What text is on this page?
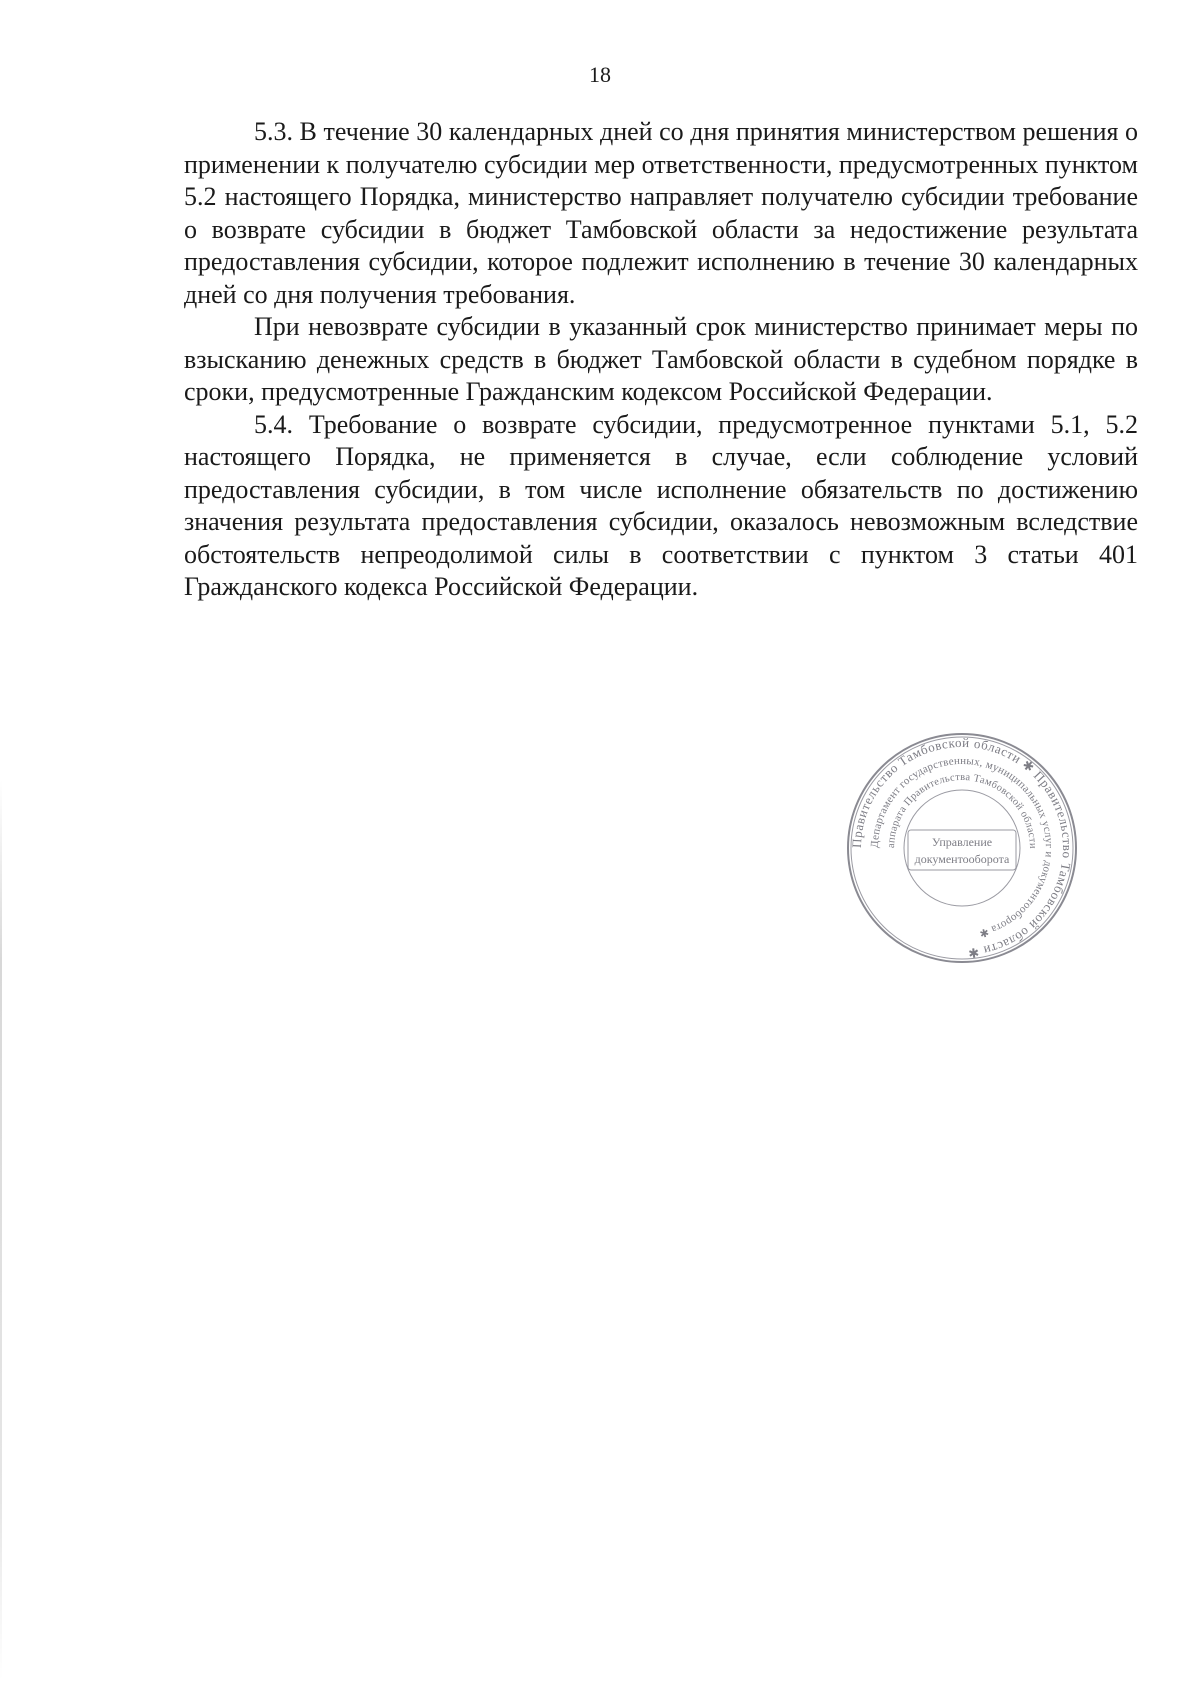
18

5.3. В течение 30 календарных дней со дня принятия министерством решения о применении к получателю субсидии мер ответственности, предусмотренных пунктом 5.2 настоящего Порядка, министерство направляет получателю субсидии требование о возврате субсидии в бюджет Тамбовской области за недостижение результата предоставления субсидии, которое подлежит исполнению в течение 30 календарных дней со дня получения требования.

При невозврате субсидии в указанный срок министерство принимает меры по взысканию денежных средств в бюджет Тамбовской области в судебном порядке в сроки, предусмотренные Гражданским кодексом Российской Федерации.

5.4. Требование о возврате субсидии, предусмотренное пунктами 5.1, 5.2 настоящего Порядка, не применяется в случае, если соблюдение условий предоставления субсидии, в том числе исполнение обязательств по достижению значения результата предоставления субсидии, оказалось невозможным вследствие обстоятельств непреодолимой силы в соответствии с пунктом 3 статьи 401 Гражданского кодекса Российской Федерации.

Правительство Тамбовской области ✱ Правительство Тамбовской области ✱
Департамент государственных, муниципальных услуг и документооборота ✱
аппарата Правительства Тамбовской области
Управление
документооборота
